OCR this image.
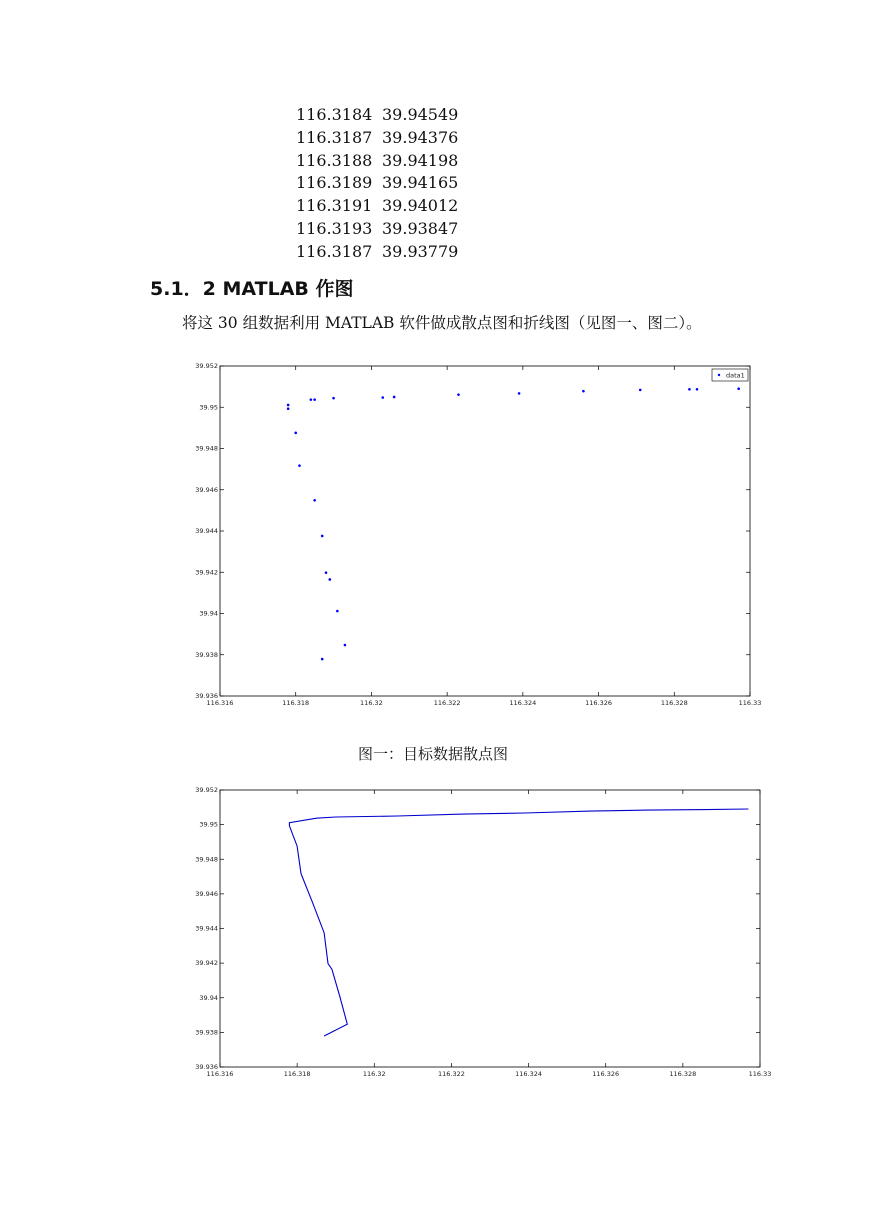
116.3184 39.94549
116.3187 39.94376
116.3188 39.94198
116.3189 39.94165
116.3191 39.94012
116.3193 39.93847
116.3187 39.93779
5.1．2 MATLAB 作图
将这 30 组数据利用 MATLAB 软件做成散点图和折线图（见图一、图二）。
116.316	116.318	116.32	116.322	116.324	116.326	116.328	116.33
39.936
39.938
39.94
39.942
39.944
39.946
39.948
39.95
39.952
data1
图一：目标数据散点图
116.316	116.318	116.32	116.322	116.324	116.326	116.328	116.33
39.936
39.938
39.94
39.942
39.944
39.946
39.948
39.95
39.952
